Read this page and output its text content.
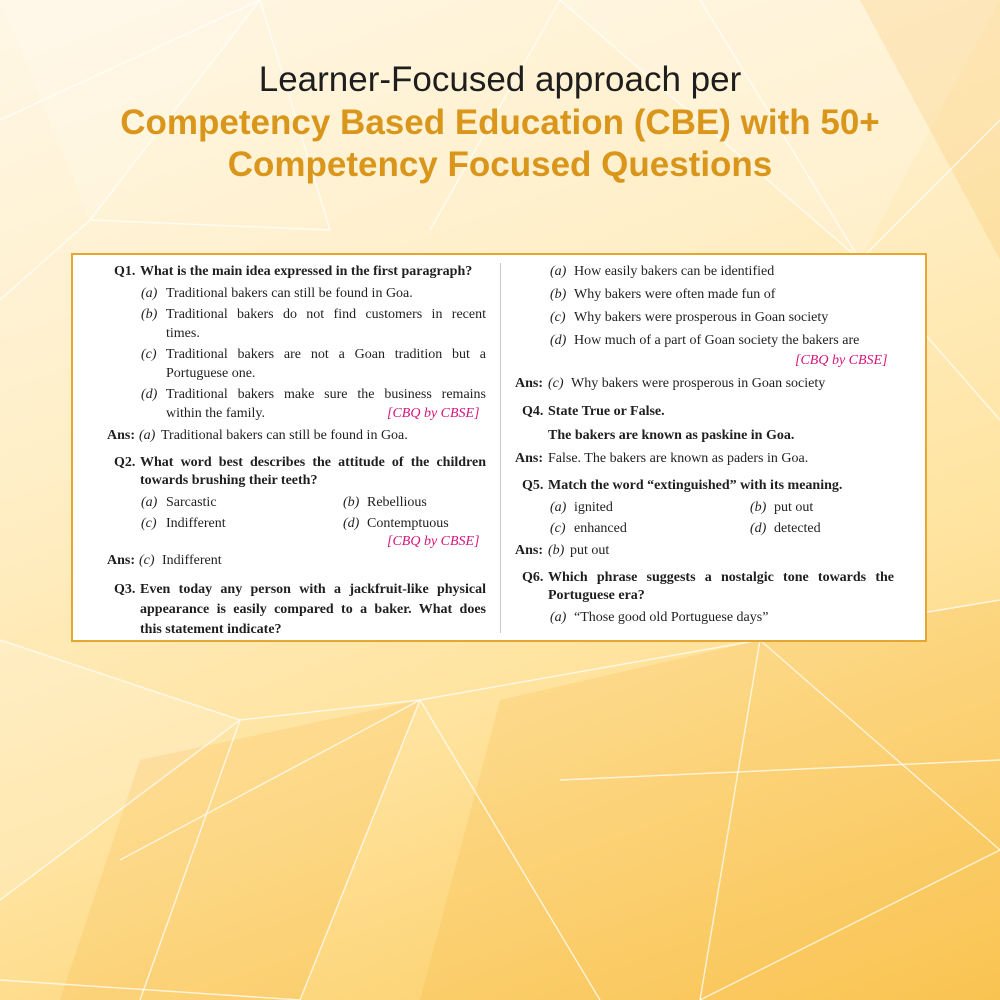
Learner-Focused approach per
Competency Based Education (CBE) with 50+
Competency Focused Questions
Q1. What is the main idea expressed in the first paragraph?
(a) Traditional bakers can still be found in Goa.
(b) Traditional bakers do not find customers in recent
times.
(c) Traditional bakers are not a Goan tradition but a
Portuguese one.
(d) Traditional bakers make sure the business remains
within the family.	[CBQ by CBSE]
Ans: (a) Traditional bakers can still be found in Goa.
Q2. What word best describes the attitude of the children
towards brushing their teeth?
(a) Sarcastic	(b) Rebellious
(c) Indifferent	(d) Contemptuous
[CBQ by CBSE]
Ans: (c) Indifferent
Q3. Even today any person with a jackfruit-like physical
appearance is easily compared to a baker. What does
this statement indicate?
(a) How easily bakers can be identified
(b) Why bakers were often made fun of
(c) Why bakers were prosperous in Goan society
(d) How much of a part of Goan society the bakers are
[CBQ by CBSE]
Ans: (c) Why bakers were prosperous in Goan society
Q4. State True or False.
The bakers are known as paskine in Goa.
Ans: False. The bakers are known as paders in Goa.
Q5. Match the word “extinguished” with its meaning.
(a) ignited	(b) put out
(c) enhanced	(d) detected
Ans: (b) put out
Q6. Which phrase suggests a nostalgic tone towards the
Portuguese era?
(a) “Those good old Portuguese days”
